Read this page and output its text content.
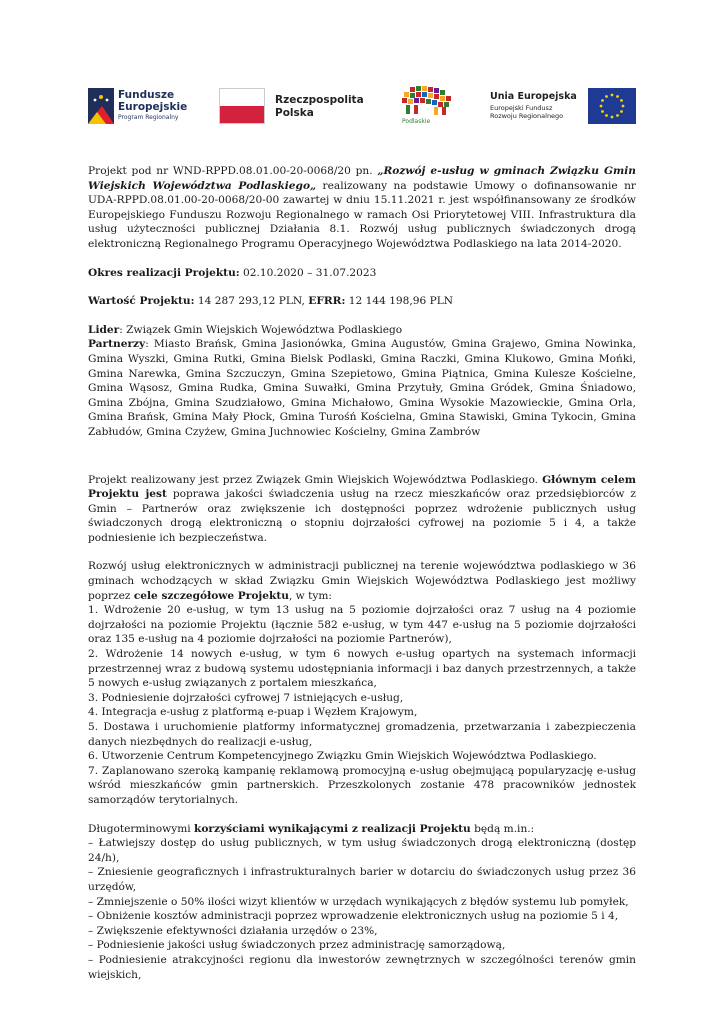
Fundusze
Europejskie
Program Regionalny
Rzeczpospolita
Polska
Podlaskie
Unia Europejska
Europejski Fundusz
Rozwoju Regionalnego

Projekt pod nr WND-RPPD.08.01.00-20-0068/20 pn. „Rozwój e-usług w gminach Związku Gmin Wiejskich Województwa Podlaskiego„ realizowany na podstawie Umowy o dofinansowanie nr UDA-RPPD.08.01.00-20-0068/20-00 zawartej w dniu 15.11.2021 r. jest współfinansowany ze środków Europejskiego Funduszu Rozwoju Regionalnego w ramach Osi Priorytetowej VIII. Infrastruktura dla usług użyteczności publicznej Działania 8.1. Rozwój usług publicznych świadczonych drogą elektroniczną Regionalnego Programu Operacyjnego Województwa Podlaskiego na lata 2014-2020.

Okres realizacji Projektu: 02.10.2020 – 31.07.2023

Wartość Projektu: 14 287 293,12 PLN, EFRR: 12 144 198,96 PLN

Lider: Związek Gmin Wiejskich Województwa Podlaskiego

Partnerzy: Miasto Brańsk, Gmina Jasionówka, Gmina Augustów, Gmina Grajewo, Gmina Nowinka, Gmina Wyszki, Gmina Rutki, Gmina Bielsk Podlaski, Gmina Raczki, Gmina Klukowo, Gmina Mońki, Gmina Narewka, Gmina Szczuczyn, Gmina Szepietowo, Gmina Piątnica, Gmina Kulesze Kościelne, Gmina Wąsosz, Gmina Rudka, Gmina Suwałki, Gmina Przytuły, Gmina Gródek, Gmina Śniadowo, Gmina Zbójna, Gmina Szudziałowo, Gmina Michałowo, Gmina Wysokie Mazowieckie, Gmina Orla, Gmina Brańsk, Gmina Mały Płock, Gmina Turośń Kościelna, Gmina Stawiski, Gmina Tykocin, Gmina Zabłudów, Gmina Czyżew, Gmina Juchnowiec Kościelny, Gmina Zambrów

Projekt realizowany jest przez Związek Gmin Wiejskich Województwa Podlaskiego. Głównym celem Projektu jest poprawa jakości świadczenia usług na rzecz mieszkańców oraz przedsiębiorców z Gmin – Partnerów oraz zwiększenie ich dostępności poprzez wdrożenie publicznych usług świadczonych drogą elektroniczną o stopniu dojrzałości cyfrowej na poziomie 5 i 4, a także podniesienie ich bezpieczeństwa.

Rozwój usług elektronicznych w administracji publicznej na terenie województwa podlaskiego w 36 gminach wchodzących w skład Związku Gmin Wiejskich Województwa Podlaskiego jest możliwy poprzez cele szczegółowe Projektu, w tym:

1. Wdrożenie 20 e-usług, w tym 13 usług na 5 poziomie dojrzałości oraz 7 usług na 4 poziomie dojrzałości na poziomie Projektu (łącznie 582 e-usług, w tym 447 e-usług na 5 poziomie dojrzałości oraz 135 e-usług na 4 poziomie dojrzałości na poziomie Partnerów),

2. Wdrożenie 14 nowych e-usług, w tym 6 nowych e-usług opartych na systemach informacji przestrzennej wraz z budową systemu udostępniania informacji i baz danych przestrzennych, a także 5 nowych e-usług związanych z portalem mieszkańca,

3. Podniesienie dojrzałości cyfrowej 7 istniejących e-usług,

4. Integracja e-usług z platformą e-puap i Węzłem Krajowym,

5. Dostawa i uruchomienie platformy informatycznej gromadzenia, przetwarzania i zabezpieczenia danych niezbędnych do realizacji e-usług,

6. Utworzenie Centrum Kompetencyjnego Związku Gmin Wiejskich Województwa Podlaskiego.

7. Zaplanowano szeroką kampanię reklamową promocyjną e-usług obejmującą popularyzację e-usług wśród mieszkańców gmin partnerskich. Przeszkolonych zostanie 478 pracowników jednostek samorządów terytorialnych.

Długoterminowymi korzyściami wynikającymi z realizacji Projektu będą m.in.:

– Łatwiejszy dostęp do usług publicznych, w tym usług świadczonych drogą elektroniczną (dostęp 24/h),

– Zniesienie geograficznych i infrastrukturalnych barier w dotarciu do świadczonych usług przez 36 urzędów,

– Zmniejszenie o 50% ilości wizyt klientów w urzędach wynikających z błędów systemu lub pomyłek,

– Obniżenie kosztów administracji poprzez wprowadzenie elektronicznych usług na poziomie 5 i 4,

– Zwiększenie efektywności działania urzędów o 23%,

– Podniesienie jakości usług świadczonych przez administrację samorządową,

– Podniesienie atrakcyjności regionu dla inwestorów zewnętrznych w szczególności terenów gmin wiejskich,
